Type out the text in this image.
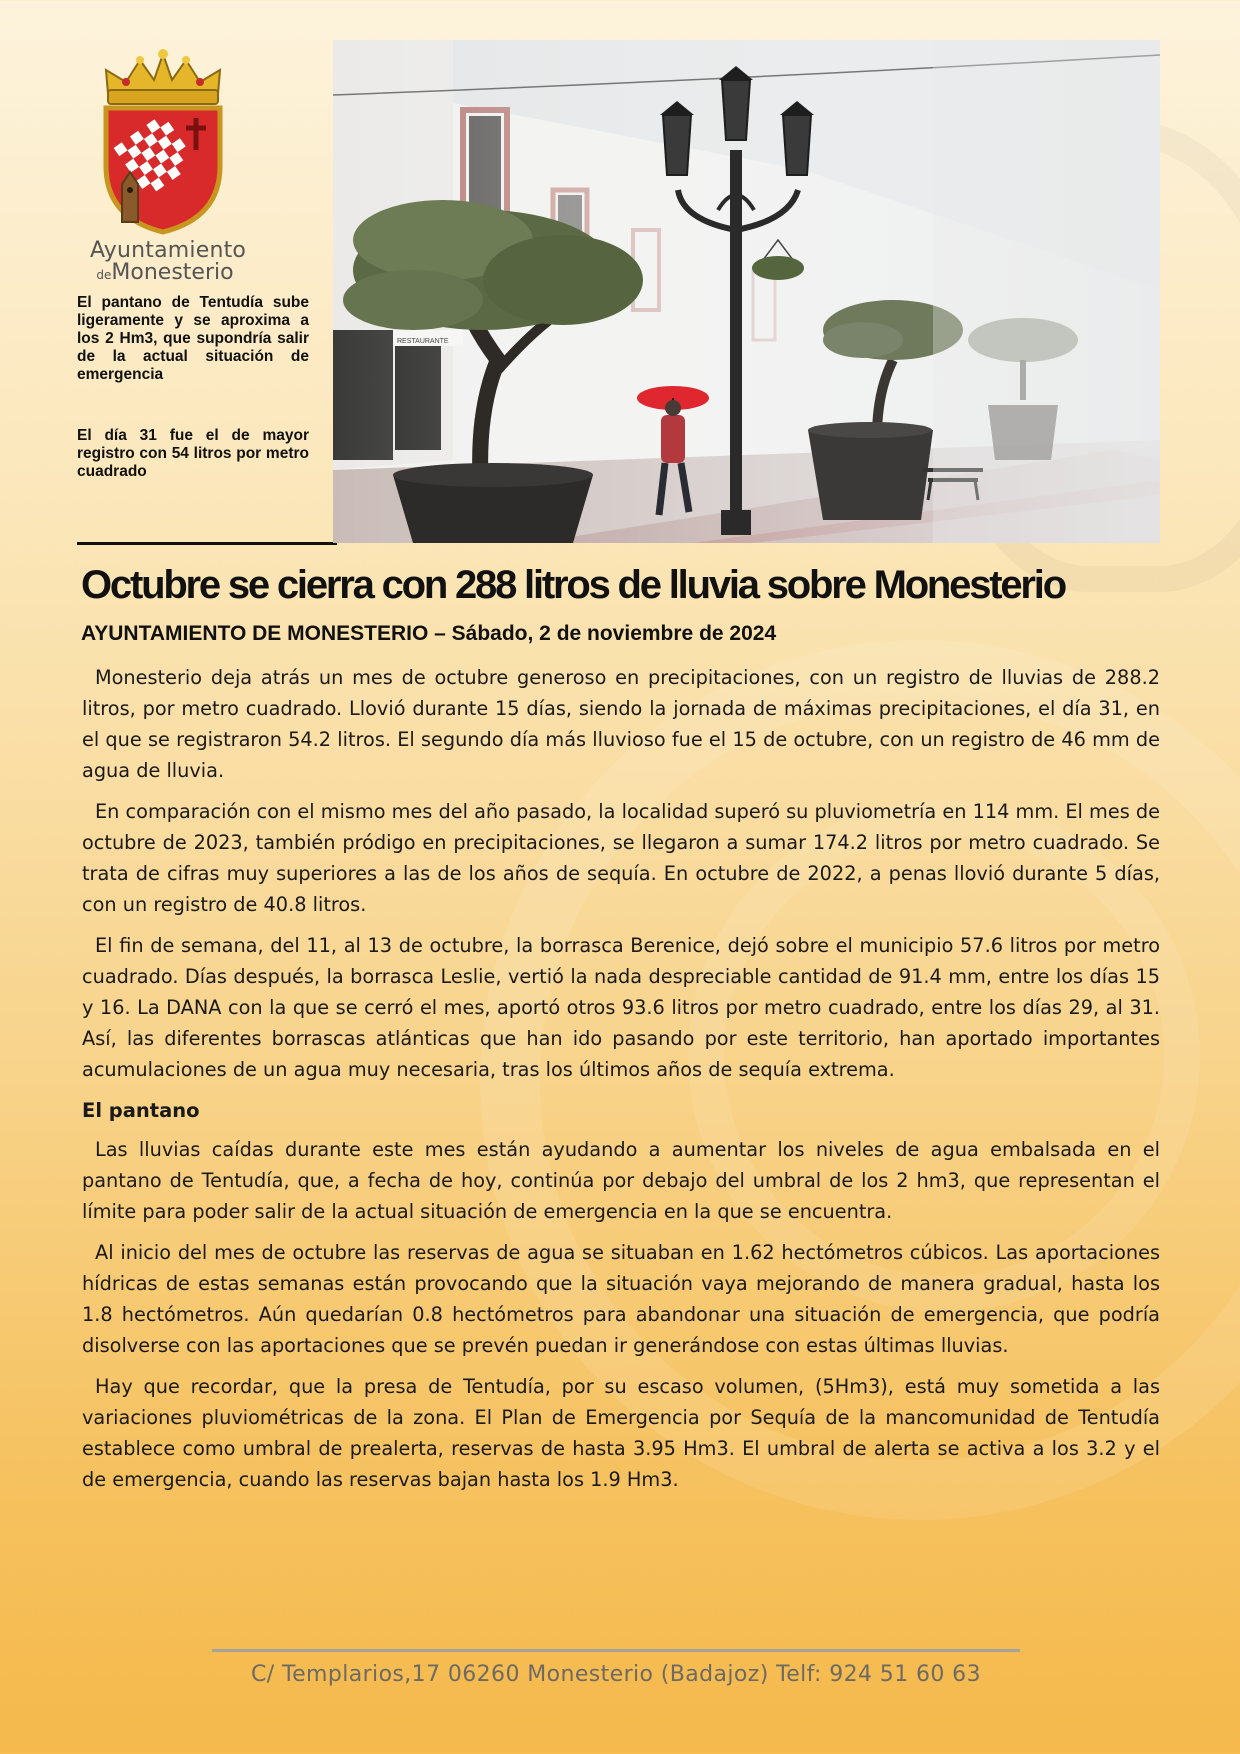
Ayuntamiento
deMonesterio
El pantano de Tentudía sube ligeramente y se aproxima a los 2 Hm3, que supondría salir de la actual situación de emergencia
El día 31 fue el de mayor registro con 54 litros por metro cuadrado
Octubre se cierra con 288 litros de lluvia sobre Monesterio
AYUNTAMIENTO DE MONESTERIO – Sábado, 2 de noviembre de 2024

Monesterio deja atrás un mes de octubre generoso en precipitaciones, con un registro de lluvias de 288.2 litros, por metro cuadrado. Llovió durante 15 días, siendo la jornada de máximas precipitaciones, el día 31, en el que se registraron 54.2 litros. El segundo día más lluvioso fue el 15 de octubre, con un registro de 46 mm de agua de lluvia.

En comparación con el mismo mes del año pasado, la localidad superó su pluviometría en 114 mm. El mes de octubre de 2023, también pródigo en precipitaciones, se llegaron a sumar 174.2 litros por metro cuadrado. Se trata de cifras muy superiores a las de los años de sequía. En octubre de 2022, a penas llovió durante 5 días, con un registro de 40.8 litros.

El fin de semana, del 11, al 13 de octubre, la borrasca Berenice, dejó sobre el municipio 57.6 litros por metro cuadrado. Días después, la borrasca Leslie, vertió la nada despreciable cantidad de 91.4 mm, entre los días 15 y 16. La DANA con la que se cerró el mes, aportó otros 93.6 litros por metro cuadrado, entre los días 29, al 31. Así, las diferentes borrascas atlánticas que han ido pasando por este territorio, han aportado importantes acumulaciones de un agua muy necesaria, tras los últimos años de sequía extrema.

El pantano

Las lluvias caídas durante este mes están ayudando a aumentar los niveles de agua embalsada en el pantano de Tentudía, que, a fecha de hoy, continúa por debajo del umbral de los 2 hm3, que representan el límite para poder salir de la actual situación de emergencia en la que se encuentra.

Al inicio del mes de octubre las reservas de agua se situaban en 1.62 hectómetros cúbicos. Las aportaciones hídricas de estas semanas están provocando que la situación vaya mejorando de manera gradual, hasta los 1.8 hectómetros. Aún quedarían 0.8 hectómetros para abandonar una situación de emergencia, que podría disolverse con las aportaciones que se prevén puedan ir generándose con estas últimas lluvias.

Hay que recordar, que la presa de Tentudía, por su escaso volumen, (5Hm3), está muy sometida a las variaciones pluviométricas de la zona. El Plan de Emergencia por Sequía de la mancomunidad de Tentudía establece como umbral de prealerta, reservas de hasta 3.95 Hm3. El umbral de alerta se activa a los 3.2 y el de emergencia, cuando las reservas bajan hasta los 1.9 Hm3.

C/ Templarios,17 06260 Monesterio (Badajoz) Telf: 924 51 60 63
